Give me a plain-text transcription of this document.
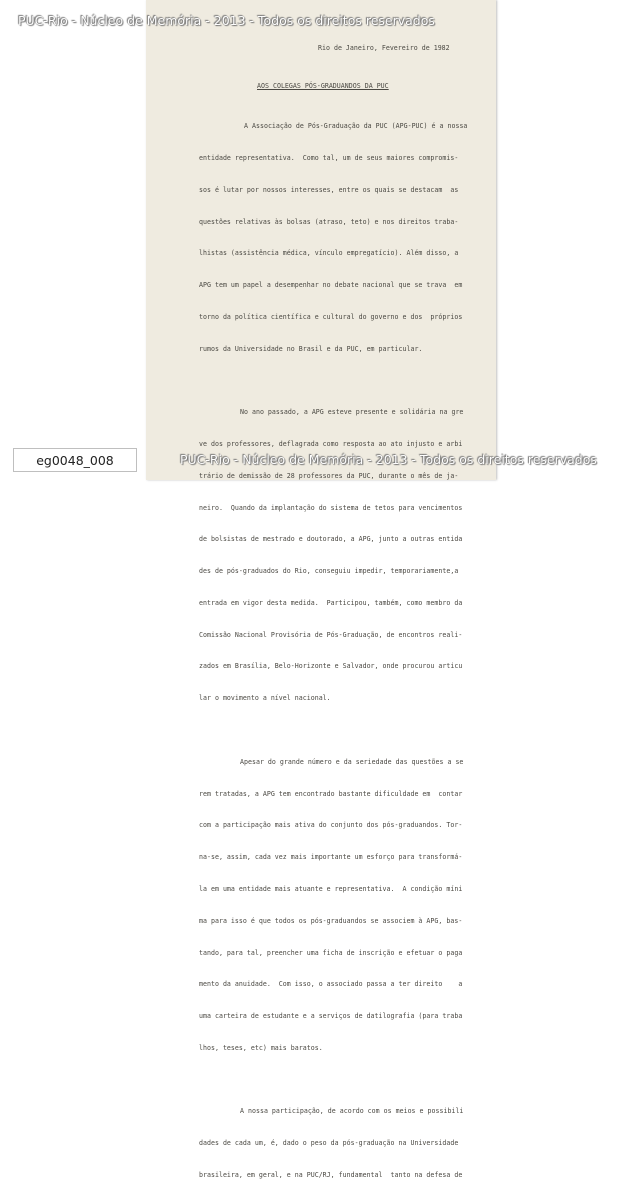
Rio de Janeiro, Fevereiro de 1982
AOS COLEGAS PÓS-GRADUANDOS DA PUC

A Associação de Pós-Graduação da PUC (APG-PUC) é a nossa

entidade representativa.  Como tal, um de seus maiores compromis-

sos é lutar por nossos interesses, entre os quais se destacam  as

questões relativas às bolsas (atraso, teto) e nos direitos traba-

lhistas (assistência médica, vínculo empregatício). Além disso, a

APG tem um papel a desempenhar no debate nacional que se trava  em

torno da política científica e cultural do governo e dos  próprios

rumos da Universidade no Brasil e da PUC, em particular.

No ano passado, a APG esteve presente e solidária na gre

ve dos professores, deflagrada como resposta ao ato injusto e arbi

trário de demissão de 28 professores da PUC, durante o mês de ja-

neiro.  Quando da implantação do sistema de tetos para vencimentos

de bolsistas de mestrado e doutorado, a APG, junto a outras entida

des de pós-graduados do Rio, conseguiu impedir, temporariamente,a

entrada em vigor desta medida.  Participou, também, como membro da

Comissão Nacional Provisória de Pós-Graduação, de encontros reali-

zados em Brasília, Belo-Horizonte e Salvador, onde procurou articu

lar o movimento a nível nacional.

Apesar do grande número e da seriedade das questões a se

rem tratadas, a APG tem encontrado bastante dificuldade em  contar

com a participação mais ativa do conjunto dos pós-graduandos. Tor-

na-se, assim, cada vez mais importante um esforço para transformá-

la em uma entidade mais atuante e representativa.  A condição míni

ma para isso é que todos os pós-graduandos se associem à APG, bas-

tando, para tal, preencher uma ficha de inscrição e efetuar o paga

mento da anuidade.  Com isso, o associado passa a ter direito    a

uma carteira de estudante e a serviços de datilografia (para traba

lhos, teses, etc) mais baratos.

A nossa participação, de acordo com os meios e possibili

dades de cada um, é, dado o peso da pós-graduação na Universidade

brasileira, em geral, e na PUC/RJ, fundamental  tanto na defesa de

PUC-Rio - Núcleo de Memória - 2013 - Todos os direitos reservados
PUC-Rio - Núcleo de Memória - 2013 - Todos os direitos reservados
eg0048_008
